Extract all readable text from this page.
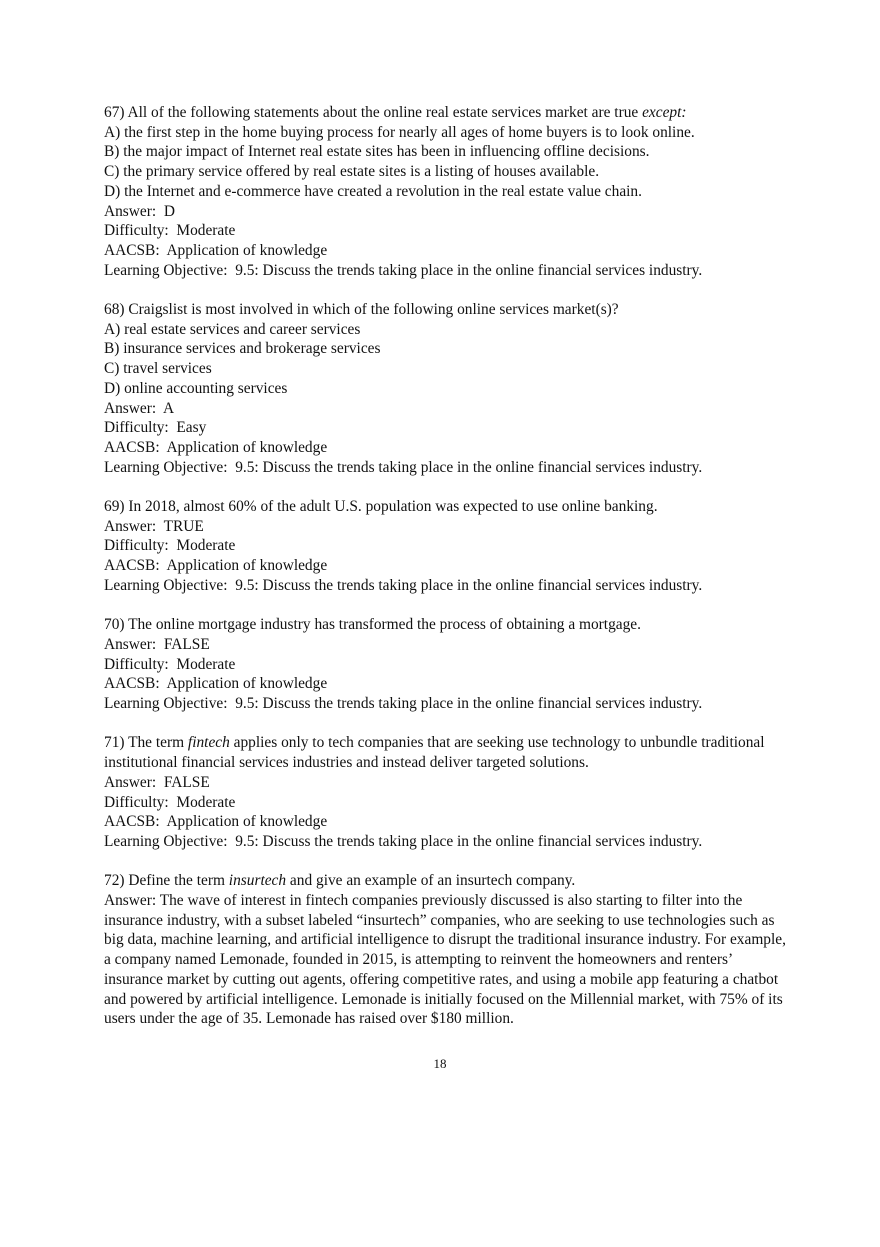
67) All of the following statements about the online real estate services market are true except:
A) the first step in the home buying process for nearly all ages of home buyers is to look online.
B) the major impact of Internet real estate sites has been in influencing offline decisions.
C) the primary service offered by real estate sites is a listing of houses available.
D) the Internet and e-commerce have created a revolution in the real estate value chain.
Answer:  D
Difficulty:  Moderate
AACSB:  Application of knowledge
Learning Objective:  9.5: Discuss the trends taking place in the online financial services industry.
68) Craigslist is most involved in which of the following online services market(s)?
A) real estate services and career services
B) insurance services and brokerage services
C) travel services
D) online accounting services
Answer:  A
Difficulty:  Easy
AACSB:  Application of knowledge
Learning Objective:  9.5: Discuss the trends taking place in the online financial services industry.
69) In 2018, almost 60% of the adult U.S. population was expected to use online banking.
Answer:  TRUE
Difficulty:  Moderate
AACSB:  Application of knowledge
Learning Objective:  9.5: Discuss the trends taking place in the online financial services industry.
70) The online mortgage industry has transformed the process of obtaining a mortgage.
Answer:  FALSE
Difficulty:  Moderate
AACSB:  Application of knowledge
Learning Objective:  9.5: Discuss the trends taking place in the online financial services industry.
71) The term fintech applies only to tech companies that are seeking use technology to unbundle traditional institutional financial services industries and instead deliver targeted solutions.
Answer:  FALSE
Difficulty:  Moderate
AACSB:  Application of knowledge
Learning Objective:  9.5: Discuss the trends taking place in the online financial services industry.
72) Define the term insurtech and give an example of an insurtech company.
Answer: The wave of interest in fintech companies previously discussed is also starting to filter into the insurance industry, with a subset labeled “insurtech” companies, who are seeking to use technologies such as big data, machine learning, and artificial intelligence to disrupt the traditional insurance industry. For example, a company named Lemonade, founded in 2015, is attempting to reinvent the homeowners and renters’ insurance market by cutting out agents, offering competitive rates, and using a mobile app featuring a chatbot and powered by artificial intelligence. Lemonade is initially focused on the Millennial market, with 75% of its users under the age of 35. Lemonade has raised over $180 million.
18
